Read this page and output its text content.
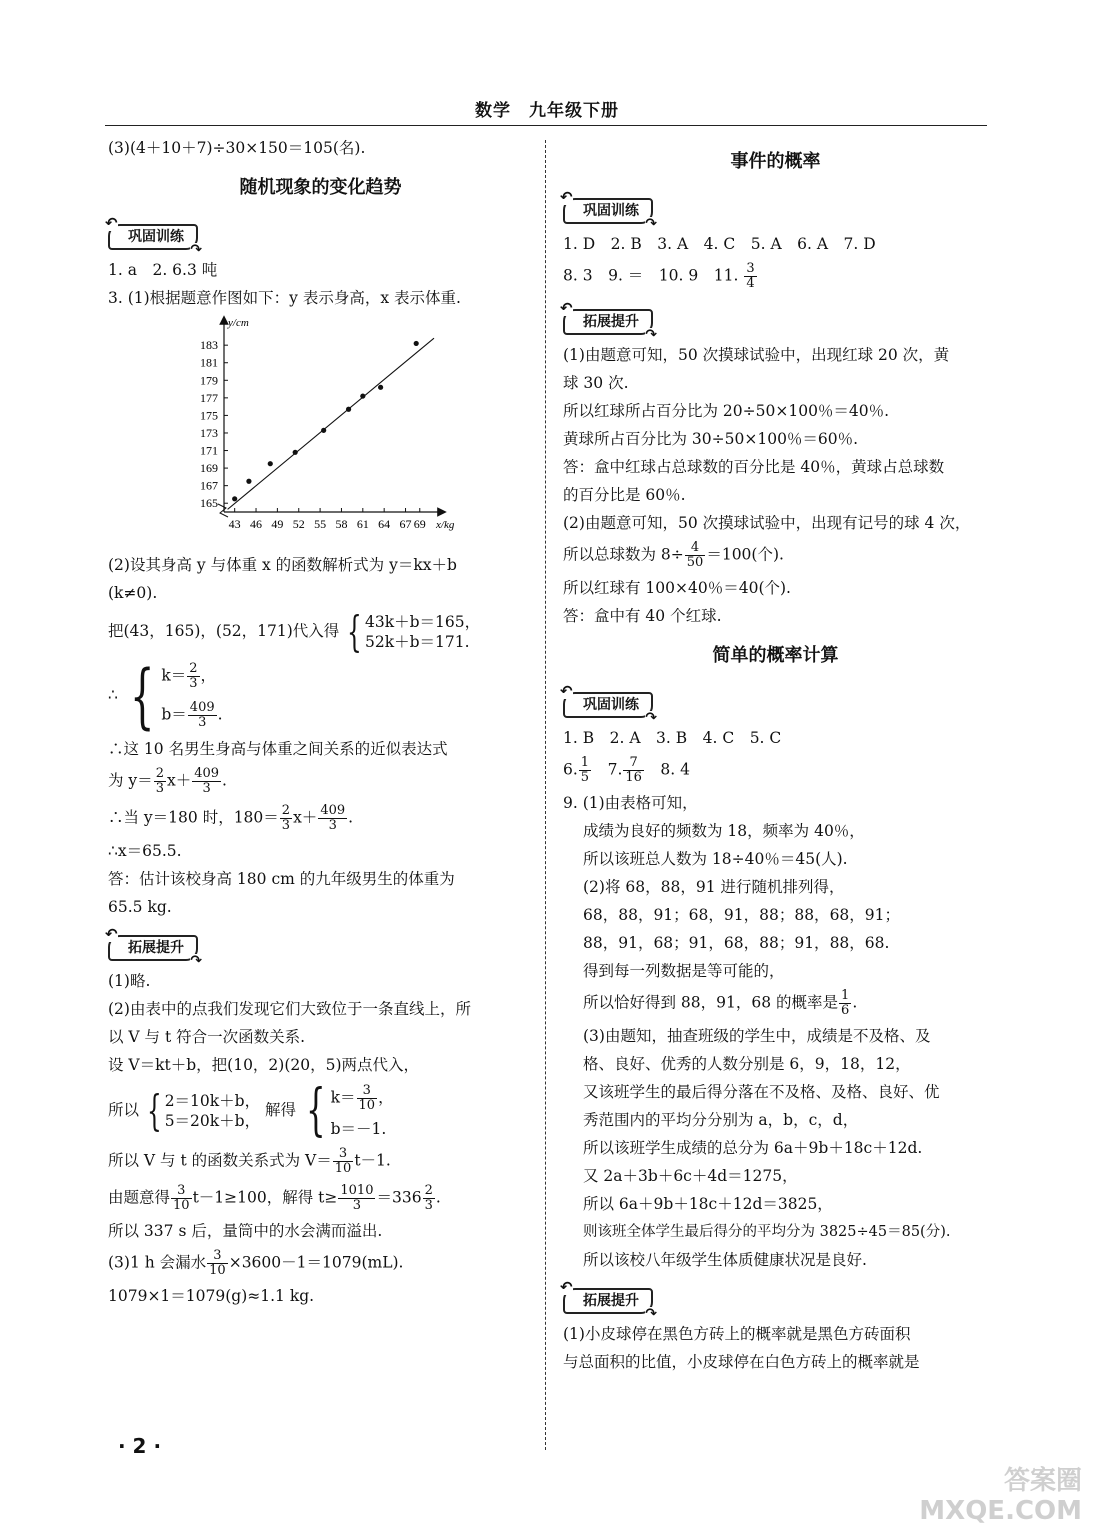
数学　九年级下册

(3)(4＋10＋7)÷30×150＝105(名).

随机现象的变化趋势
↶ 巩固训练 ↷

1. a　2. 6.3 吨

3. (1)根据题意作图如下：y 表示身高，x 表示体重.

165
167
169
171
173
175
177
179
181
183
43 46 49 52 55 58 61 64 67 69 x/kg
y/cm

(2)设其身高 y 与体重 x 的函数解析式为 y＝kx＋b

(k≠0).

把(43，165)，(52，171)代入得 { 43k＋b＝165，
52k＋b＝171.

∴ { $k= \frac{2}{3}$ ，
$b= \frac{409}{3}$ .

∴这 10 名男生身高与体重之间关系的近似表达式

为 $y= \frac{2}{3} x+ \frac{409}{3}$ .

∴当 y＝180 时，$180= \frac{2}{3} x+ \frac{409}{3}$ .

∴x＝65.5.

答：估计该校身高 180 cm 的九年级男生的体重为

65.5 kg.

↶ 拓展提升 ↷

(1)略.

(2)由表中的点我们发现它们大致位于一条直线上，所

以 V 与 t 符合一次函数关系.

设 V＝kt＋b，把(10，2)(20，5)两点代入，

所以 { 2＝10k＋b，
5＝20k＋b，
解得 { $k= \frac{3}{10}$ ，
b＝－1.

所以 V 与 t 的函数关系式为 $V= \frac{3}{10} t-1$.

由题意得 $\frac{3}{10} t-1\ge 100$，解得 $t\ge \frac{1010}{3} =336 \frac{2}{3}$ .

所以 337 s 后，量筒中的水会满而溢出.

(3)1 h 会漏水 $\frac{3}{10} \times 3600-1=1079(mL)$.

1079×1＝1079(g)≈1.1 kg.

事件的概率
↶ 巩固训练 ↷

1. D　2. B　3. A　4. C　5. A　6. A　7. D

8. 3　9. ＝　10. 9　11. $\frac{3}{4}$

↶ 拓展提升 ↷

(1)由题意可知，50 次摸球试验中，出现红球 20 次，黄

球 30 次.

所以红球所占百分比为 20÷50×100％＝40％.

黄球所占百分比为 30÷50×100％＝60％.

答：盒中红球占总球数的百分比是 40％，黄球占总球数

的百分比是 60％.

(2)由题意可知，50 次摸球试验中，出现有记号的球 4 次，

所以总球数为 $8\div \frac{4}{50} =100$(个).

所以红球有 100×40％＝40(个).

答：盒中有 40 个红球.

简单的概率计算
↶ 巩固训练 ↷

1. B　2. A　3. B　4. C　5. C

6. $\frac{1}{5}$ 　7. $\frac{7}{16}$ 　8. 4

9. (1)由表格可知，

成绩为良好的频数为 18，频率为 40％，

所以该班总人数为 18÷40％＝45(人).

(2)将 68，88，91 进行随机排列得，

68，88，91；68，91，88；88，68，91；

88，91，68；91，68，88；91，88，68.

得到每一列数据是等可能的，

所以恰好得到 88，91，68 的概率是 $\frac{1}{6}$ .

(3)由题知，抽查班级的学生中，成绩是不及格、及

格、良好、优秀的人数分别是 6，9，18，12，

又该班学生的最后得分落在不及格、及格、良好、优

秀范围内的平均分分别为 a，b，c，d，

所以该班学生成绩的总分为 6a＋9b＋18c＋12d.

又 2a＋3b＋6c＋4d＝1275，

所以 6a＋9b＋18c＋12d＝3825，

则该班全体学生最后得分的平均分为 3825÷45＝85(分).

所以该校八年级学生体质健康状况是良好.

↶ 拓展提升 ↷

(1)小皮球停在黑色方砖上的概率就是黑色方砖面积

与总面积的比值，小皮球停在白色方砖上的概率就是

· 2 ·
答案圈
MXQE.COM
